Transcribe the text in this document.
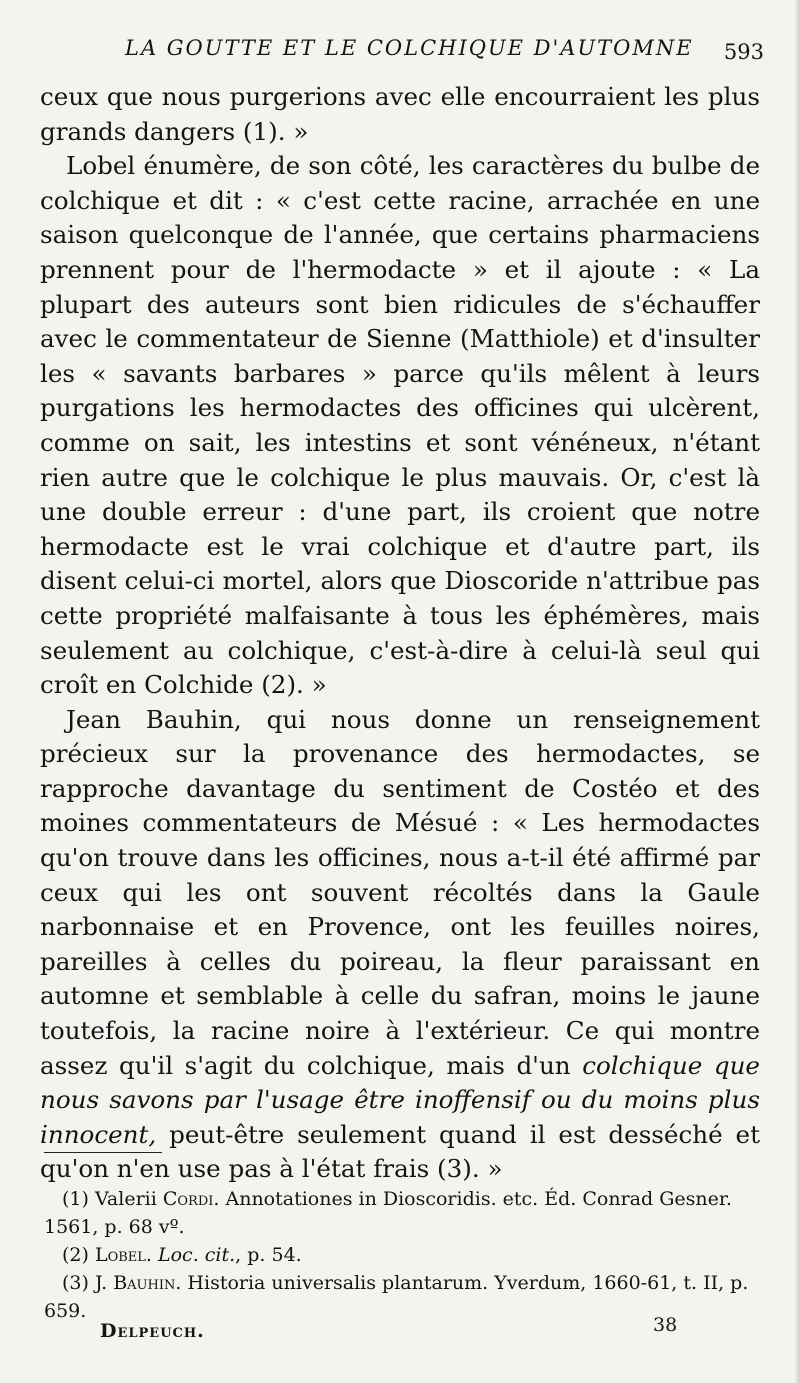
LA GOUTTE ET LE COLCHIQUE D'AUTOMNE 593

ceux que nous purgerions avec elle encourraient les plus grands dangers (1). »

Lobel énumère, de son côté, les caractères du bulbe de colchique et dit : « c'est cette racine, arrachée en une saison quelconque de l'année, que certains pharmaciens prennent pour de l'hermodacte » et il ajoute : « La plupart des auteurs sont bien ridicules de s'échauffer avec le commentateur de Sienne (Matthiole) et d'insulter les « savants barbares » parce qu'ils mêlent à leurs purgations les hermodactes des officines qui ulcèrent, comme on sait, les intestins et sont vénéneux, n'étant rien autre que le colchique le plus mauvais. Or, c'est là une double erreur : d'une part, ils croient que notre hermodacte est le vrai colchique et d'autre part, ils disent celui-ci mortel, alors que Dioscoride n'attribue pas cette propriété malfaisante à tous les éphémères, mais seulement au colchique, c'est-à-dire à celui-là seul qui croît en Colchide (2). »

Jean Bauhin, qui nous donne un renseignement précieux sur la provenance des hermodactes, se rapproche davantage du sentiment de Costéo et des moines commentateurs de Mésué : « Les hermodactes qu'on trouve dans les officines, nous a-t-il été affirmé par ceux qui les ont souvent récoltés dans la Gaule narbonnaise et en Provence, ont les feuilles noires, pareilles à celles du poireau, la fleur paraissant en automne et semblable à celle du safran, moins le jaune toutefois, la racine noire à l'extérieur. Ce qui montre assez qu'il s'agit du colchique, mais d'un colchique que nous savons par l'usage être inoffensif ou du moins plus innocent, peut-être seulement quand il est desséché et qu'on n'en use pas à l'état frais (3). »

(1) Valerii Cordi. Annotationes in Dioscoridis. etc. Éd. Conrad Gesner. 1561, p. 68 vº.

(2) Lobel. Loc. cit., p. 54.

(3) J. Bauhin. Historia universalis plantarum. Yverdum, 1660-61, t. II, p. 659.

Delpeuch.	38
